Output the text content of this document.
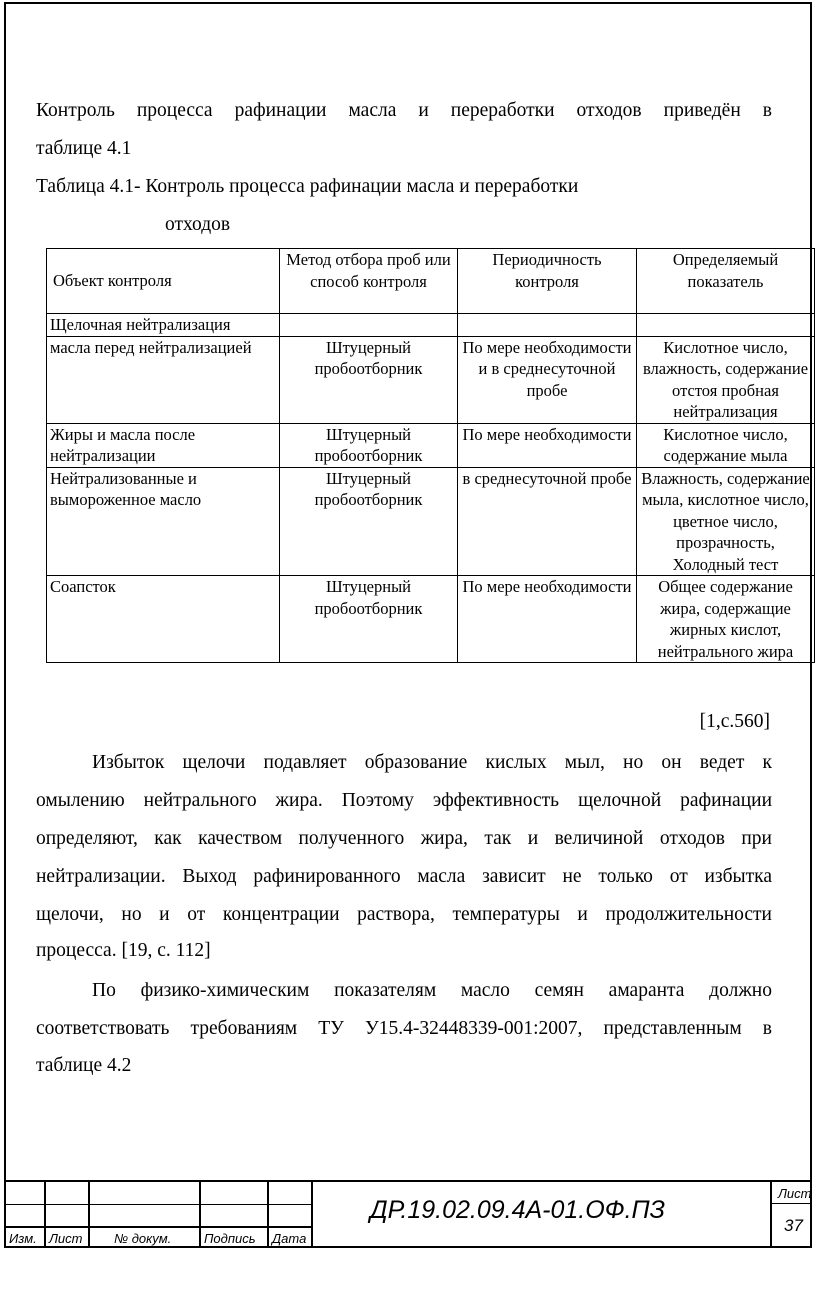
Контроль процесса рафинации масла и переработки отходов приведён в

таблице 4.1

Таблица 4.1- Контроль процесса рафинации масла и переработки

отходов

Объект контроля	Метод отбора проб или способ контроля	Периодичность контроля	Определяемый показатель
Щелочная нейтрализация			
масла перед нейтрализацией	Штуцерный пробоотборник	По мере необходимости и в среднесуточной пробе	Кислотное число, влажность, содержание отстоя пробная нейтрализация
Жиры и масла после нейтрализации	Штуцерный пробоотборник	По мере необходимости	Кислотное число, содержание мыла
Нейтрализованные и вымороженное масло	Штуцерный пробоотборник	в среднесуточной пробе	Влажность, содержание мыла, кислотное число, цветное число, прозрачность, Холодный тест
Соапсток	Штуцерный пробоотборник	По мере необходимости	Общее содержание жира, содержащие жирных кислот, нейтрального жира
[1,с.560]

Избыток щелочи подавляет образование кислых мыл, но он ведет к

омылению нейтрального жира. Поэтому эффективность щелочной рафинации

определяют, как качеством полученного жира, так и величиной отходов при

нейтрализации. Выход рафинированного масла зависит не только от избытка

щелочи, но и от концентрации раствора, температуры и продолжительности

процесса. [19, с. 112]

По физико-химическим показателям масло семян амаранта должно

соответствовать требованиям ТУ У15.4-32448339-001:2007, представленным в

таблице 4.2

Изм. Лист № докум.	Подпись Дата
ДР.19.02.09.4А-01.ОФ.ПЗ
Лист
37
